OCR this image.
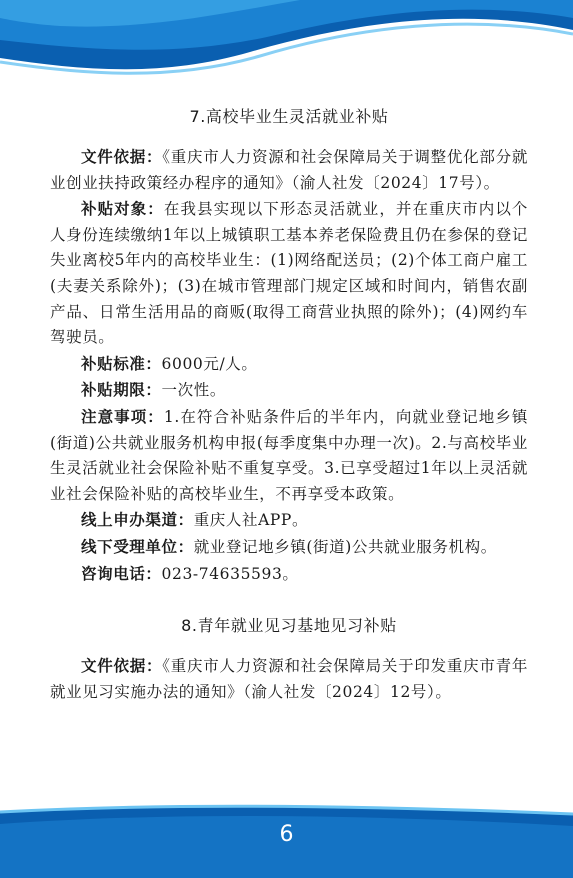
7.高校毕业生灵活就业补贴

文件依据：《重庆市人力资源和社会保障局关于调整优化部分就业创业扶持政策经办程序的通知》（渝人社发〔2024〕17号）。

补贴对象：在我县实现以下形态灵活就业，并在重庆市内以个人身份连续缴纳1年以上城镇职工基本养老保险费且仍在参保的登记失业离校5年内的高校毕业生：(1)网络配送员；(2)个体工商户雇工(夫妻关系除外)；(3)在城市管理部门规定区域和时间内，销售农副产品、日常生活用品的商贩(取得工商营业执照的除外)；(4)网约车驾驶员。

补贴标准：6000元/人。

补贴期限：一次性。

注意事项：1.在符合补贴条件后的半年内，向就业登记地乡镇(街道)公共就业服务机构申报(每季度集中办理一次)。2.与高校毕业生灵活就业社会保险补贴不重复享受。3.已享受超过1年以上灵活就业社会保险补贴的高校毕业生，不再享受本政策。

线上申办渠道：重庆人社APP。

线下受理单位：就业登记地乡镇(街道)公共就业服务机构。

咨询电话：023-74635593。

8.青年就业见习基地见习补贴

文件依据：《重庆市人力资源和社会保障局关于印发重庆市青年就业见习实施办法的通知》（渝人社发〔2024〕12号）。

6
